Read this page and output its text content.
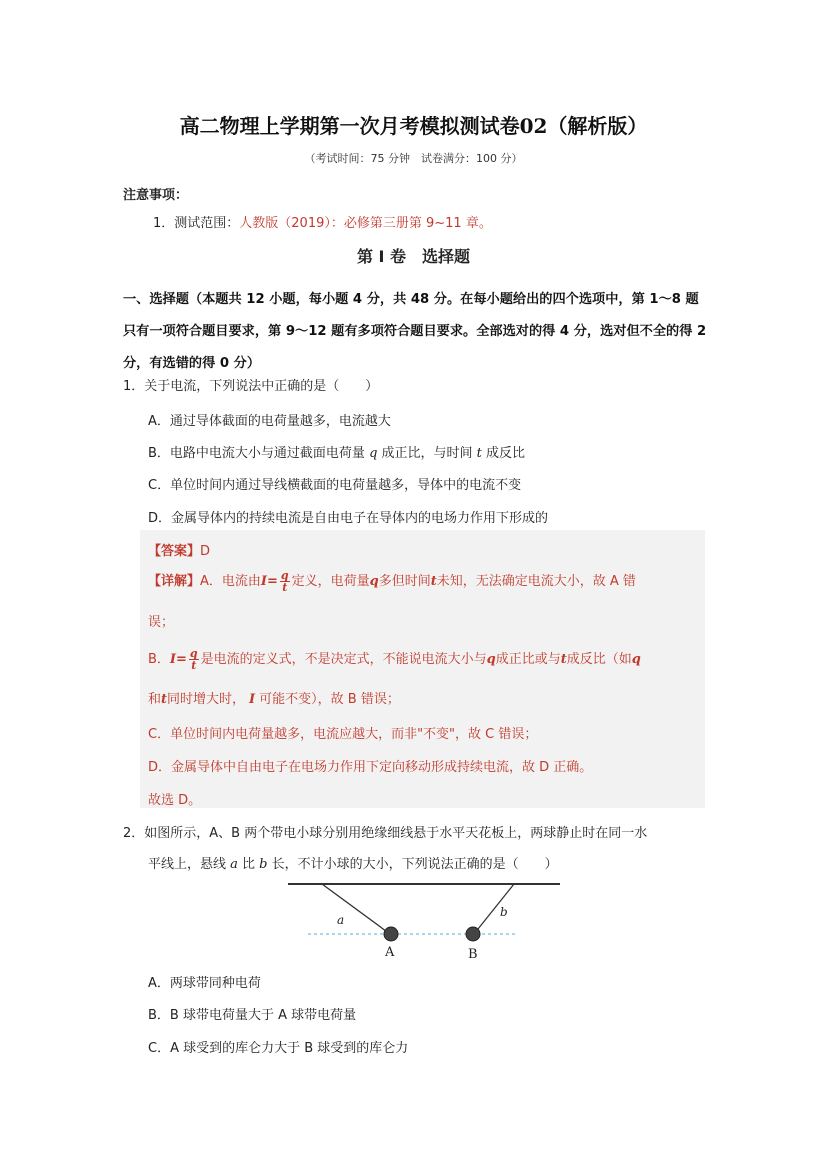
高二物理上学期第一次月考模拟测试卷02（解析版）
（考试时间：75 分钟　试卷满分：100 分）
注意事项：
1．测试范围：人教版（2019）：必修第三册第 9~11 章。
第 I 卷　选择题
一、选择题（本题共 12 小题，每小题 4 分，共 48 分。在每小题给出的四个选项中，第 1～8 题只有一项符合题目要求，第 9～12 题有多项符合题目要求。全部选对的得 4 分，选对但不全的得 2 分，有选错的得 0 分）
1．关于电流，下列说法中正确的是（　　）
A．通过导体截面的电荷量越多，电流越大
B．电路中电流大小与通过截面电荷量 q 成正比，与时间 t 成反比
C．单位时间内通过导线横截面的电荷量越多，导体中的电流不变
D．金属导体内的持续电流是自由电子在导体内的电场力作用下形成的
【答案】D
【详解】A．电流由$I= \frac{q}{t}$ 定义，电荷量q多但时间t未知，无法确定电流大小，故 A 错
误；
B．$I= \frac{q}{t}$ 是电流的定义式，不是决定式，不能说电流大小与q成正比或与t成反比（如q
和t同时增大时， I 可能不变），故 B 错误；
C．单位时间内电荷量越多，电流应越大，而非"不变"，故 C 错误；
D．金属导体中自由电子在电场力作用下定向移动形成持续电流，故 D 正确。
故选 D。
2．如图所示，A、B 两个带电小球分别用绝缘细线悬于水平天花板上，两球静止时在同一水
平线上，悬线 a 比 b 长，不计小球的大小，下列说法正确的是（　　）
a
b
A	B
A．两球带同种电荷
B．B 球带电荷量大于 A 球带电荷量
C．A 球受到的库仑力大于 B 球受到的库仑力
